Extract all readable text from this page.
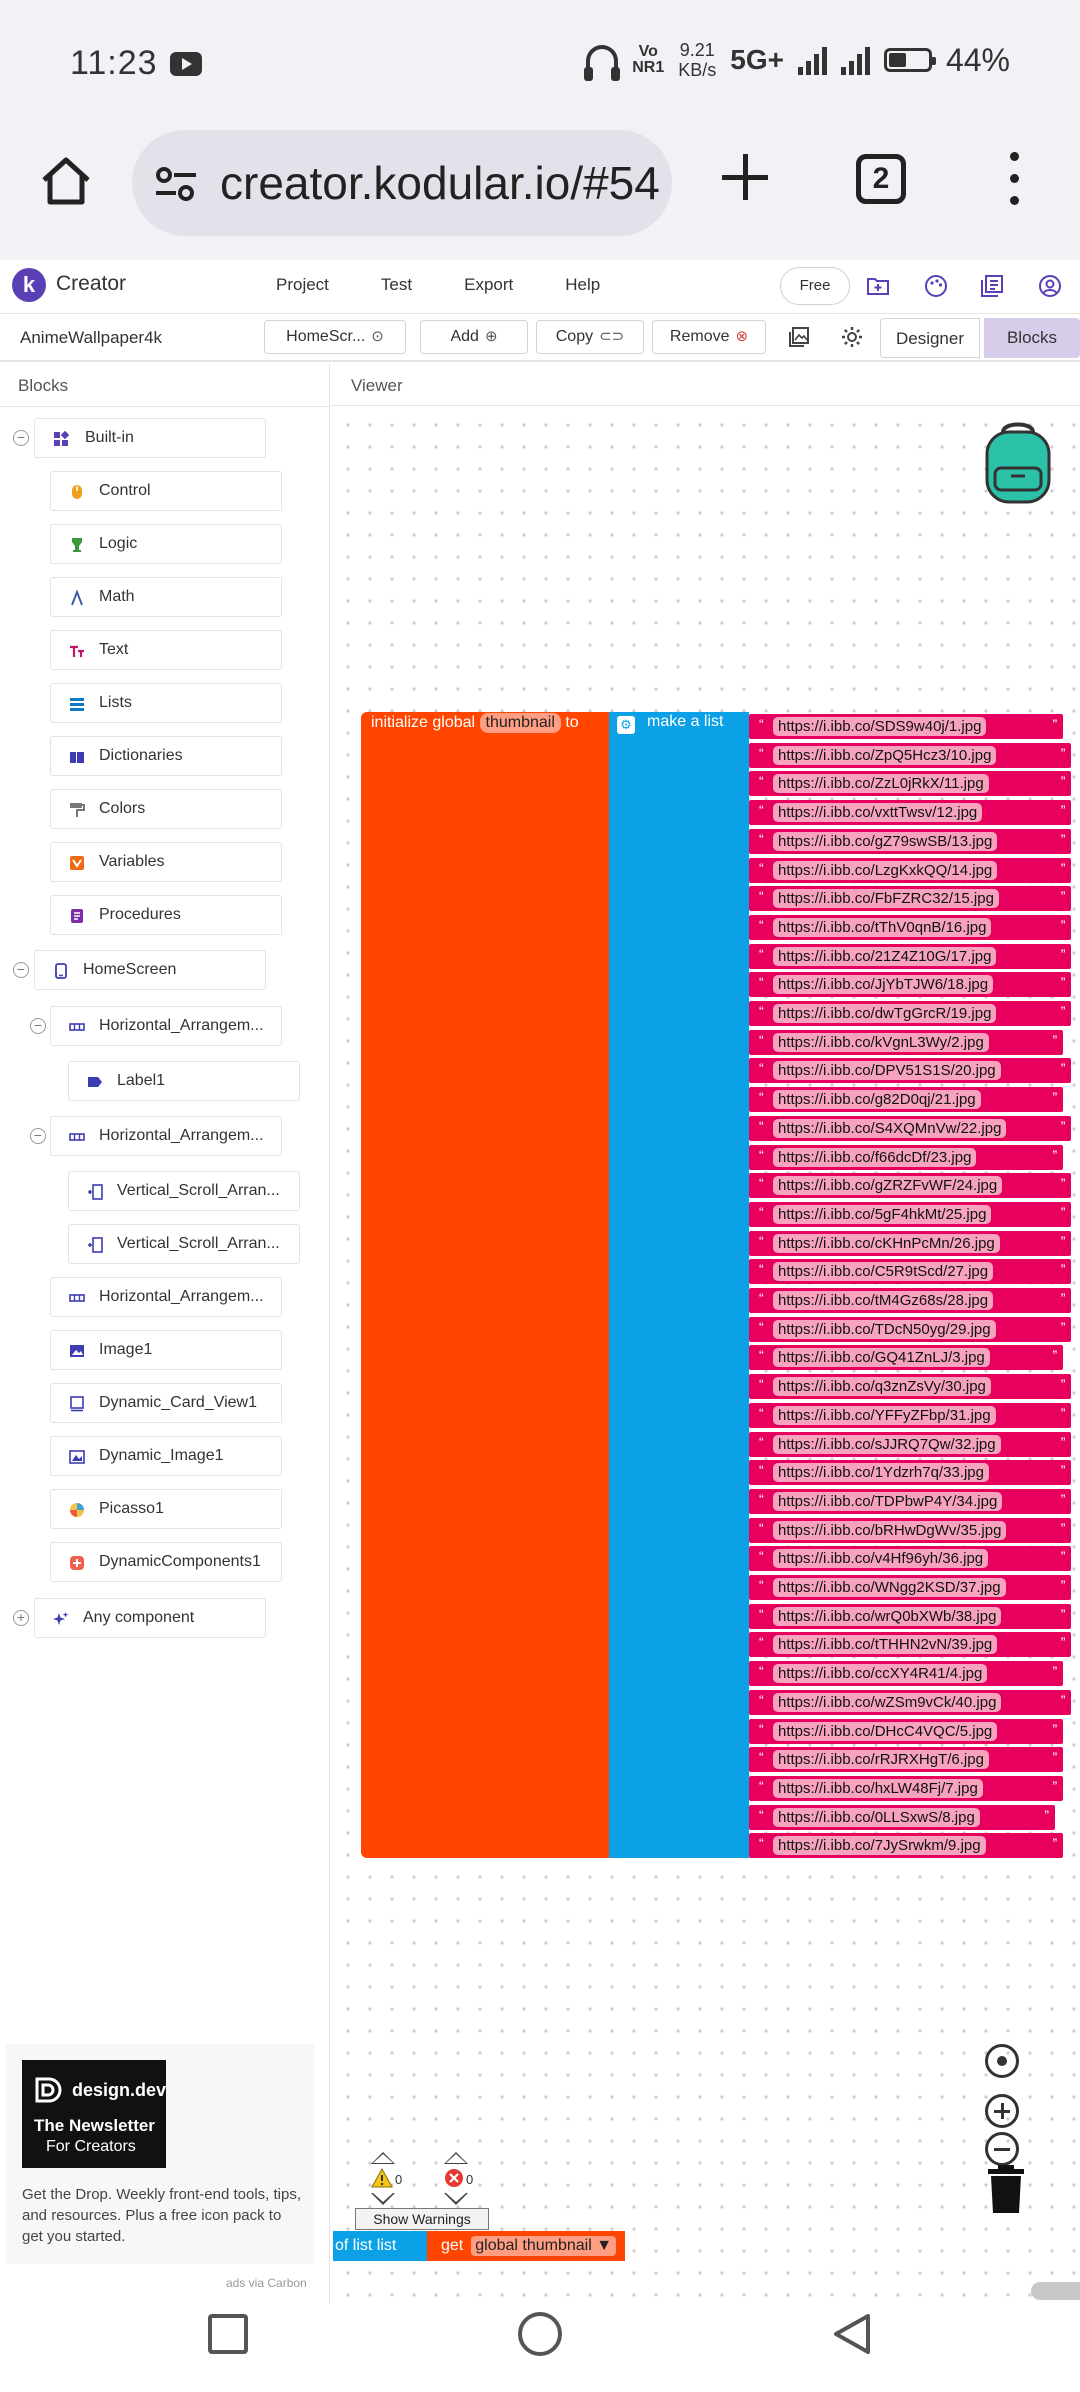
11:23	Vo
NR1
9.21
KB/s 5G+	44%
creator.kodular.io/#54	2
k Creator	Project	Test	Export	Help	Free
AnimeWallpaper4k	HomeScr... ⊙	Add ⊕	Copy ⊂⊃	Remove ⊗	Designer	Blocks
Blocks
−	Built-in
Control
Logic
Math
Text
Lists
Dictionaries
Colors
Variables
Procedures
−	HomeScreen
−	Horizontal_Arrangem...
Label1
−	Horizontal_Arrangem...
Vertical_Scroll_Arran...
Vertical_Scroll_Arran...
Horizontal_Arrangem...
Image1
Dynamic_Card_View1
Dynamic_Image1
Picasso1
DynamicComponents1
+	Any component
design.dev
The Newsletter
For Creators
Get the Drop. Weekly front-end tools, tips, and resources. Plus a free icon pack to get you started.
ads via Carbon
Viewer
initialize global thumbnail to	⚙ make a list	“ https://i.ibb.co/SDS9w40j/1.jpg	”
“ https://i.ibb.co/ZpQ5Hcz3/10.jpg	”
“ https://i.ibb.co/ZzL0jRkX/11.jpg	”
“ https://i.ibb.co/vxttTwsv/12.jpg	”
“ https://i.ibb.co/gZ79swSB/13.jpg	”
“ https://i.ibb.co/LzgKxkQQ/14.jpg	”
“ https://i.ibb.co/FbFZRC32/15.jpg	”
“ https://i.ibb.co/tThV0qnB/16.jpg	”
“ https://i.ibb.co/21Z4Z10G/17.jpg	”
“ https://i.ibb.co/JjYbTJW6/18.jpg	”
“ https://i.ibb.co/dwTgGrcR/19.jpg	”
“ https://i.ibb.co/kVgnL3Wy/2.jpg	”
“ https://i.ibb.co/DPV51S1S/20.jpg	”
“ https://i.ibb.co/g82D0qj/21.jpg	”
“ https://i.ibb.co/S4XQMnVw/22.jpg	”
“ https://i.ibb.co/f66dcDf/23.jpg	”
“ https://i.ibb.co/gZRZFvWF/24.jpg	”
“ https://i.ibb.co/5gF4hkMt/25.jpg	”
“ https://i.ibb.co/cKHnPcMn/26.jpg	”
“ https://i.ibb.co/C5R9tScd/27.jpg	”
“ https://i.ibb.co/tM4Gz68s/28.jpg	”
“ https://i.ibb.co/TDcN50yg/29.jpg	”
“ https://i.ibb.co/GQ41ZnLJ/3.jpg	”
“ https://i.ibb.co/q3znZsVy/30.jpg	”
“ https://i.ibb.co/YFFyZFbp/31.jpg	”
“ https://i.ibb.co/sJJRQ7Qw/32.jpg	”
“ https://i.ibb.co/1Ydzrh7q/33.jpg	”
“ https://i.ibb.co/TDPbwP4Y/34.jpg	”
“ https://i.ibb.co/bRHwDgWv/35.jpg	”
“ https://i.ibb.co/v4Hf96yh/36.jpg	”
“ https://i.ibb.co/WNgg2KSD/37.jpg	”
“ https://i.ibb.co/wrQ0bXWb/38.jpg	”
“ https://i.ibb.co/tTHHN2vN/39.jpg	”
“ https://i.ibb.co/ccXY4R41/4.jpg	”
“ https://i.ibb.co/wZSm9vCk/40.jpg	”
“ https://i.ibb.co/DHcC4VQC/5.jpg	”
“ https://i.ibb.co/rRJRXHgT/6.jpg	”
“ https://i.ibb.co/hxLW48Fj/7.jpg	”
“ https://i.ibb.co/0LLSxwS/8.jpg	”
“ https://i.ibb.co/7JySrwkm/9.jpg	”
0	0
Show Warnings
of list list	get global thumbnail ▼
